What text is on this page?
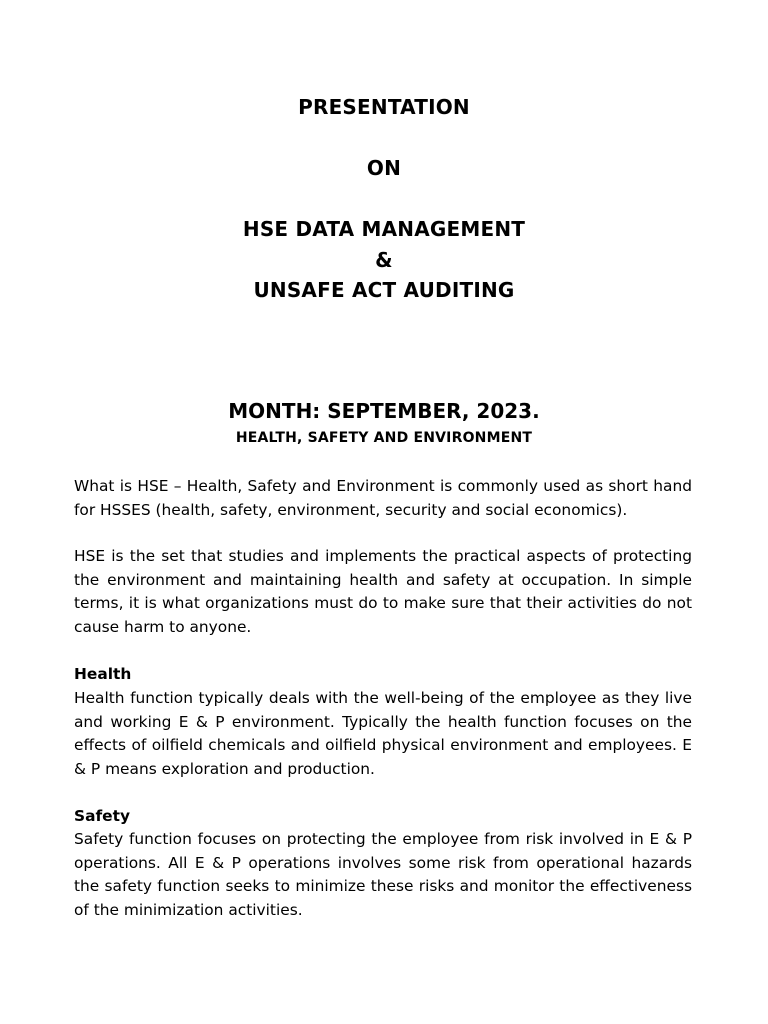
PRESENTATION
ON
HSE DATA MANAGEMENT
&
UNSAFE ACT AUDITING
MONTH: SEPTEMBER, 2023.
HEALTH, SAFETY AND ENVIRONMENT
What is HSE – Health, Safety and Environment is commonly used as short hand for HSSES (health, safety, environment, security and social economics).
HSE is the set that studies and implements the practical aspects of protecting the environment and maintaining health and safety at occupation. In simple terms, it is what organizations must do to make sure that their activities do not cause harm to anyone.
Health
Health function typically deals with the well-being of the employee as they live and working E & P environment. Typically the health function focuses on the effects of oilfield chemicals and oilfield physical environment and employees. E & P means exploration and production.
Safety
Safety function focuses on protecting the employee from risk involved in E & P operations. All E & P operations involves some risk from operational hazards the safety function seeks to minimize these risks and monitor the effectiveness of the minimization activities.
